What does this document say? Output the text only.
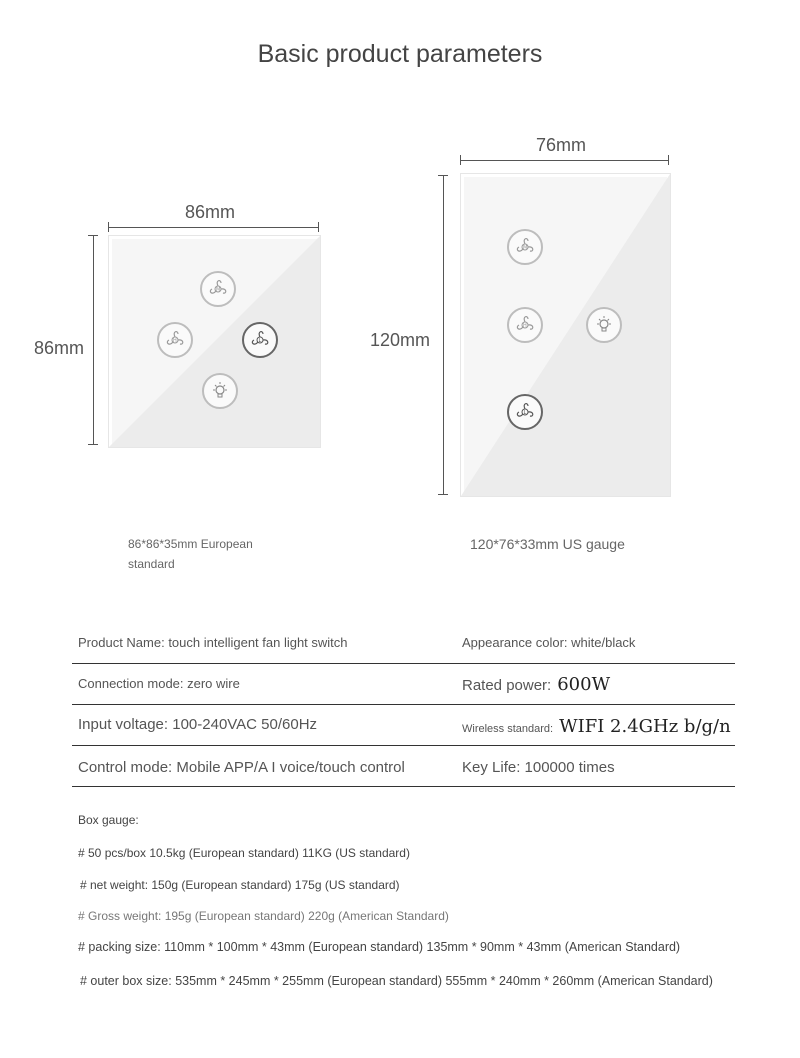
Basic product parameters
86mm
86mm
M
H	L
86*86*35mm European
standard
76mm
120mm
M
H
L
120*76*33mm US gauge
Product Name: touch intelligent fan light switch	Appearance color: white/black
Connection mode: zero wire	Rated power: 600W
Input voltage: 100-240VAC 50/60Hz	Wireless standard: WIFI 2.4GHz b/g/n
Control mode: Mobile APP/A I voice/touch control	Key Life: 100000 times
Box gauge:
# 50 pcs/box 10.5kg (European standard) 11KG (US standard)
# net weight: 150g (European standard) 175g (US standard)
# Gross weight: 195g (European standard) 220g (American Standard)
# packing size: 110mm * 100mm * 43mm (European standard) 135mm * 90mm * 43mm (American Standard)
# outer box size: 535mm * 245mm * 255mm (European standard) 555mm * 240mm * 260mm (American Standard)
